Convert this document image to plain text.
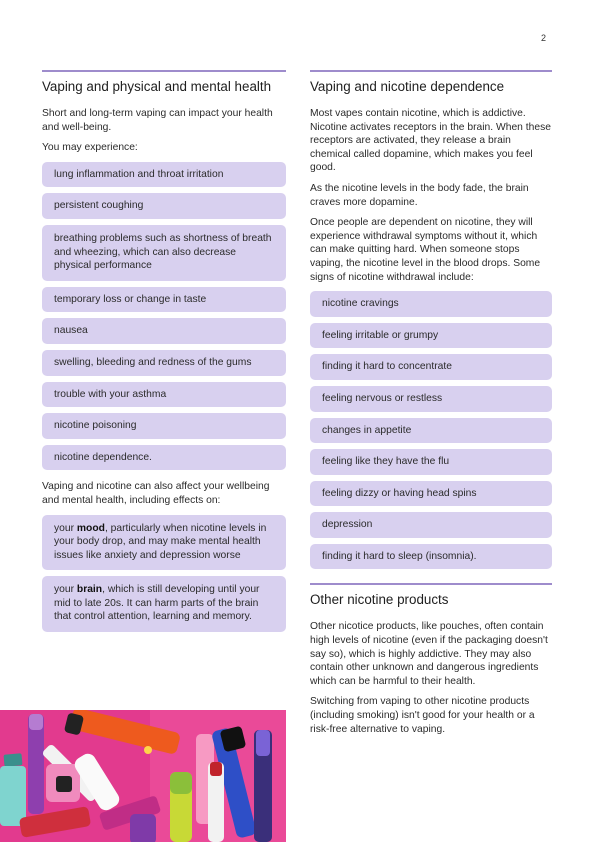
2
Vaping and physical and mental health

Short and long-term vaping can impact your health and well-being.

You may experience:

lung inflammation and throat irritation
persistent coughing
breathing problems such as shortness of breath and wheezing, which can also decrease physical performance
temporary loss or change in taste
nausea
swelling, bleeding and redness of the gums
trouble with your asthma
nicotine poisoning
nicotine dependence.

Vaping and nicotine can also affect your wellbeing and mental health, including effects on:

your mood, particularly when nicotine levels in your body drop, and may make mental health issues like anxiety and depression worse
your brain, which is still developing until your mid to late 20s. It can harm parts of the brain that control attention, learning and memory.
Vaping and nicotine dependence

Most vapes contain nicotine, which is addictive. Nicotine activates receptors in the brain. When these receptors are activated, they release a brain chemical called dopamine, which makes you feel good.

As the nicotine levels in the body fade, the brain craves more dopamine.

Once people are dependent on nicotine, they will experience withdrawal symptoms without it, which can make quitting hard. When someone stops vaping, the nicotine level in the blood drops. Some signs of nicotine withdrawal include:

nicotine cravings
feeling irritable or grumpy
finding it hard to concentrate
feeling nervous or restless
changes in appetite
feeling like they have the flu
feeling dizzy or having head spins
depression
finding it hard to sleep (insomnia).
Other nicotine products

Other nicotice products, like pouches, often contain high levels of nicotine (even if the packaging doesn't say so), which is highly addictive. They may also contain other unknown and dangerous ingredients which can be harmful to their health.

Switching from vaping to other nicotine products (including smoking) isn't good for your health or a risk-free alternative to vaping.
